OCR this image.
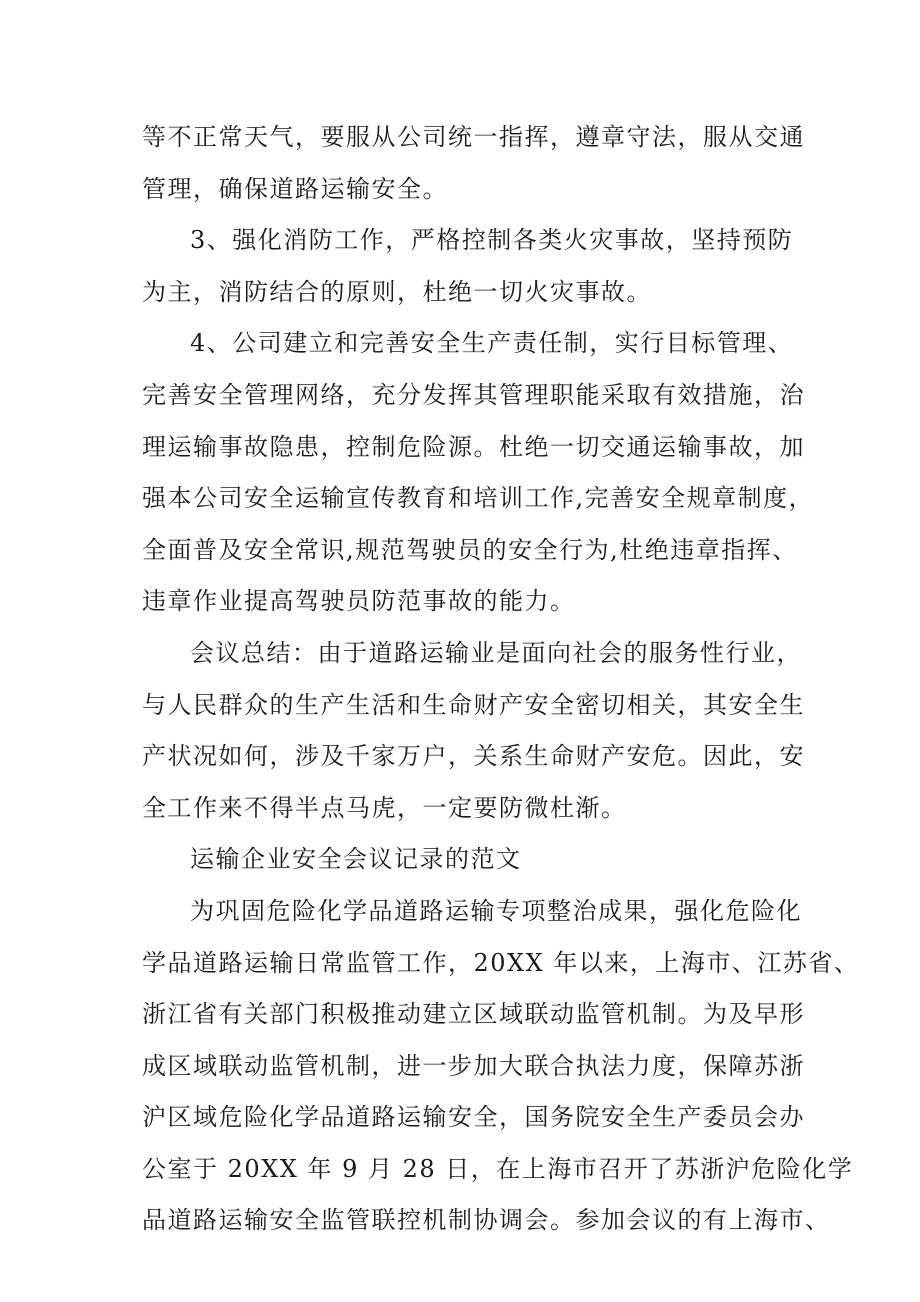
等不正常天气，要服从公司统一指挥，遵章守法，服从交通
管理，确保道路运输安全。
3、强化消防工作，严格控制各类火灾事故，坚持预防
为主，消防结合的原则，杜绝一切火灾事故。
4、公司建立和完善安全生产责任制，实行目标管理、
完善安全管理网络，充分发挥其管理职能采取有效措施，治
理运输事故隐患，控制危险源。杜绝一切交通运输事故，加
强本公司安全运输宣传教育和培训工作,完善安全规章制度，
全面普及安全常识,规范驾驶员的安全行为,杜绝违章指挥、
违章作业提高驾驶员防范事故的能力。
会议总结：由于道路运输业是面向社会的服务性行业，
与人民群众的生产生活和生命财产安全密切相关，其安全生
产状况如何，涉及千家万户，关系生命财产安危。因此，安
全工作来不得半点马虎，一定要防微杜渐。
运输企业安全会议记录的范文
为巩固危险化学品道路运输专项整治成果，强化危险化
学品道路运输日常监管工作，20XX 年以来，上海市、江苏省、
浙江省有关部门积极推动建立区域联动监管机制。为及早形
成区域联动监管机制，进一步加大联合执法力度，保障苏浙
沪区域危险化学品道路运输安全，国务院安全生产委员会办
公室于 20XX 年 9 月 28 日，在上海市召开了苏浙沪危险化学
品道路运输安全监管联控机制协调会。参加会议的有上海市、
